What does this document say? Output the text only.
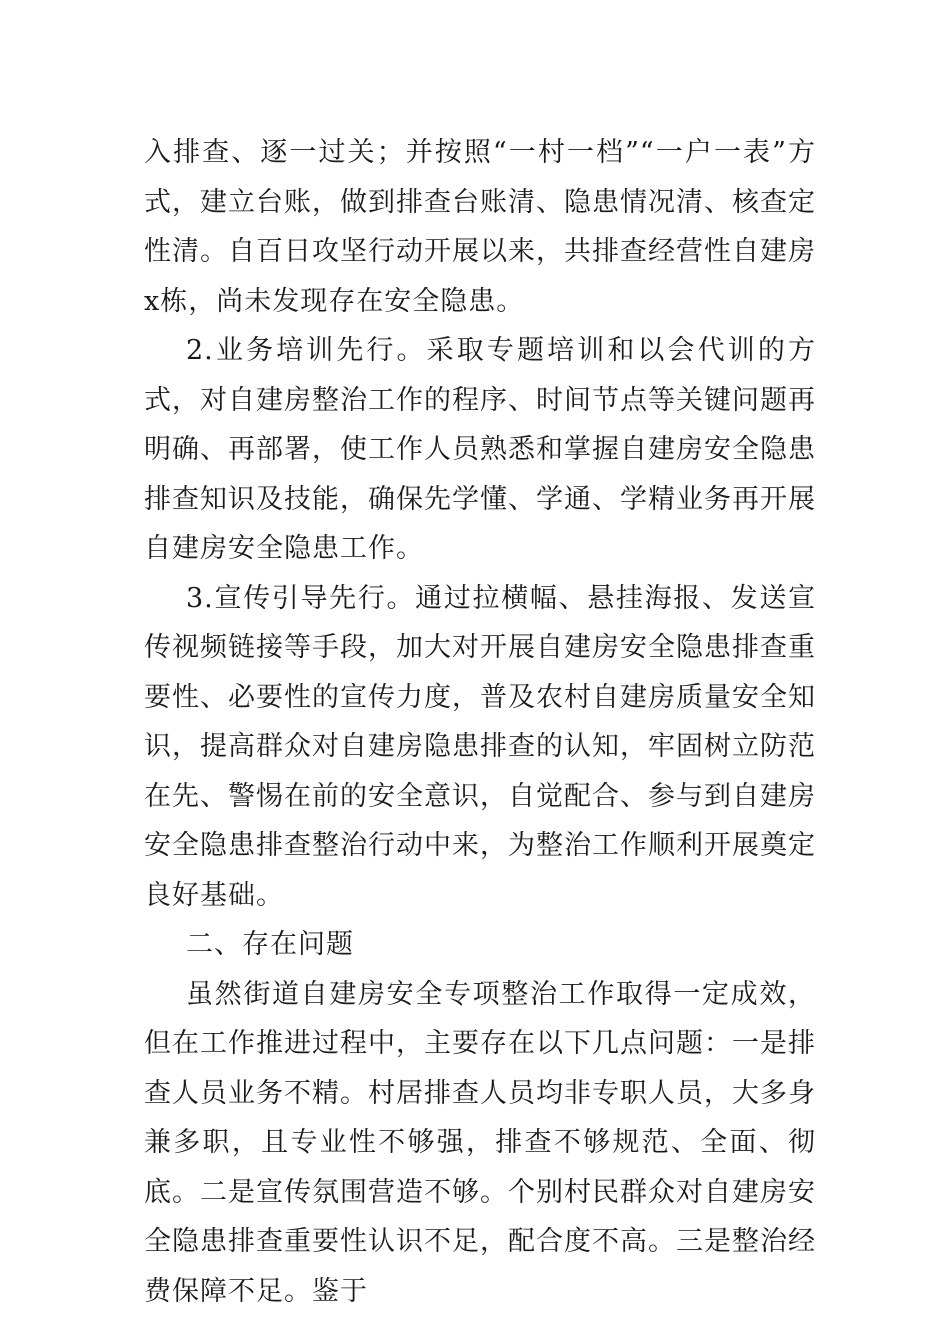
入排查、逐一过关；并按照“一村一档”“一户一表”方式，建立台账，做到排查台账清、隐患情况清、核查定性清。自百日攻坚行动开展以来，共排查经营性自建房x栋，尚未发现存在安全隐患。

2.业务培训先行。采取专题培训和以会代训的方式，对自建房整治工作的程序、时间节点等关键问题再明确、再部署，使工作人员熟悉和掌握自建房安全隐患排查知识及技能，确保先学懂、学通、学精业务再开展自建房安全隐患工作。

3.宣传引导先行。通过拉横幅、悬挂海报、发送宣传视频链接等手段，加大对开展自建房安全隐患排查重要性、必要性的宣传力度，普及农村自建房质量安全知识，提高群众对自建房隐患排查的认知，牢固树立防范在先、警惕在前的安全意识，自觉配合、参与到自建房安全隐患排查整治行动中来，为整治工作顺利开展奠定良好基础。

二、存在问题

虽然街道自建房安全专项整治工作取得一定成效，但在工作推进过程中，主要存在以下几点问题：一是排查人员业务不精。村居排查人员均非专职人员，大多身兼多职，且专业性不够强，排查不够规范、全面、彻底。二是宣传氛围营造不够。个别村民群众对自建房安全隐患排查重要性认识不足，配合度不高。三是整治经费保障不足。鉴于
